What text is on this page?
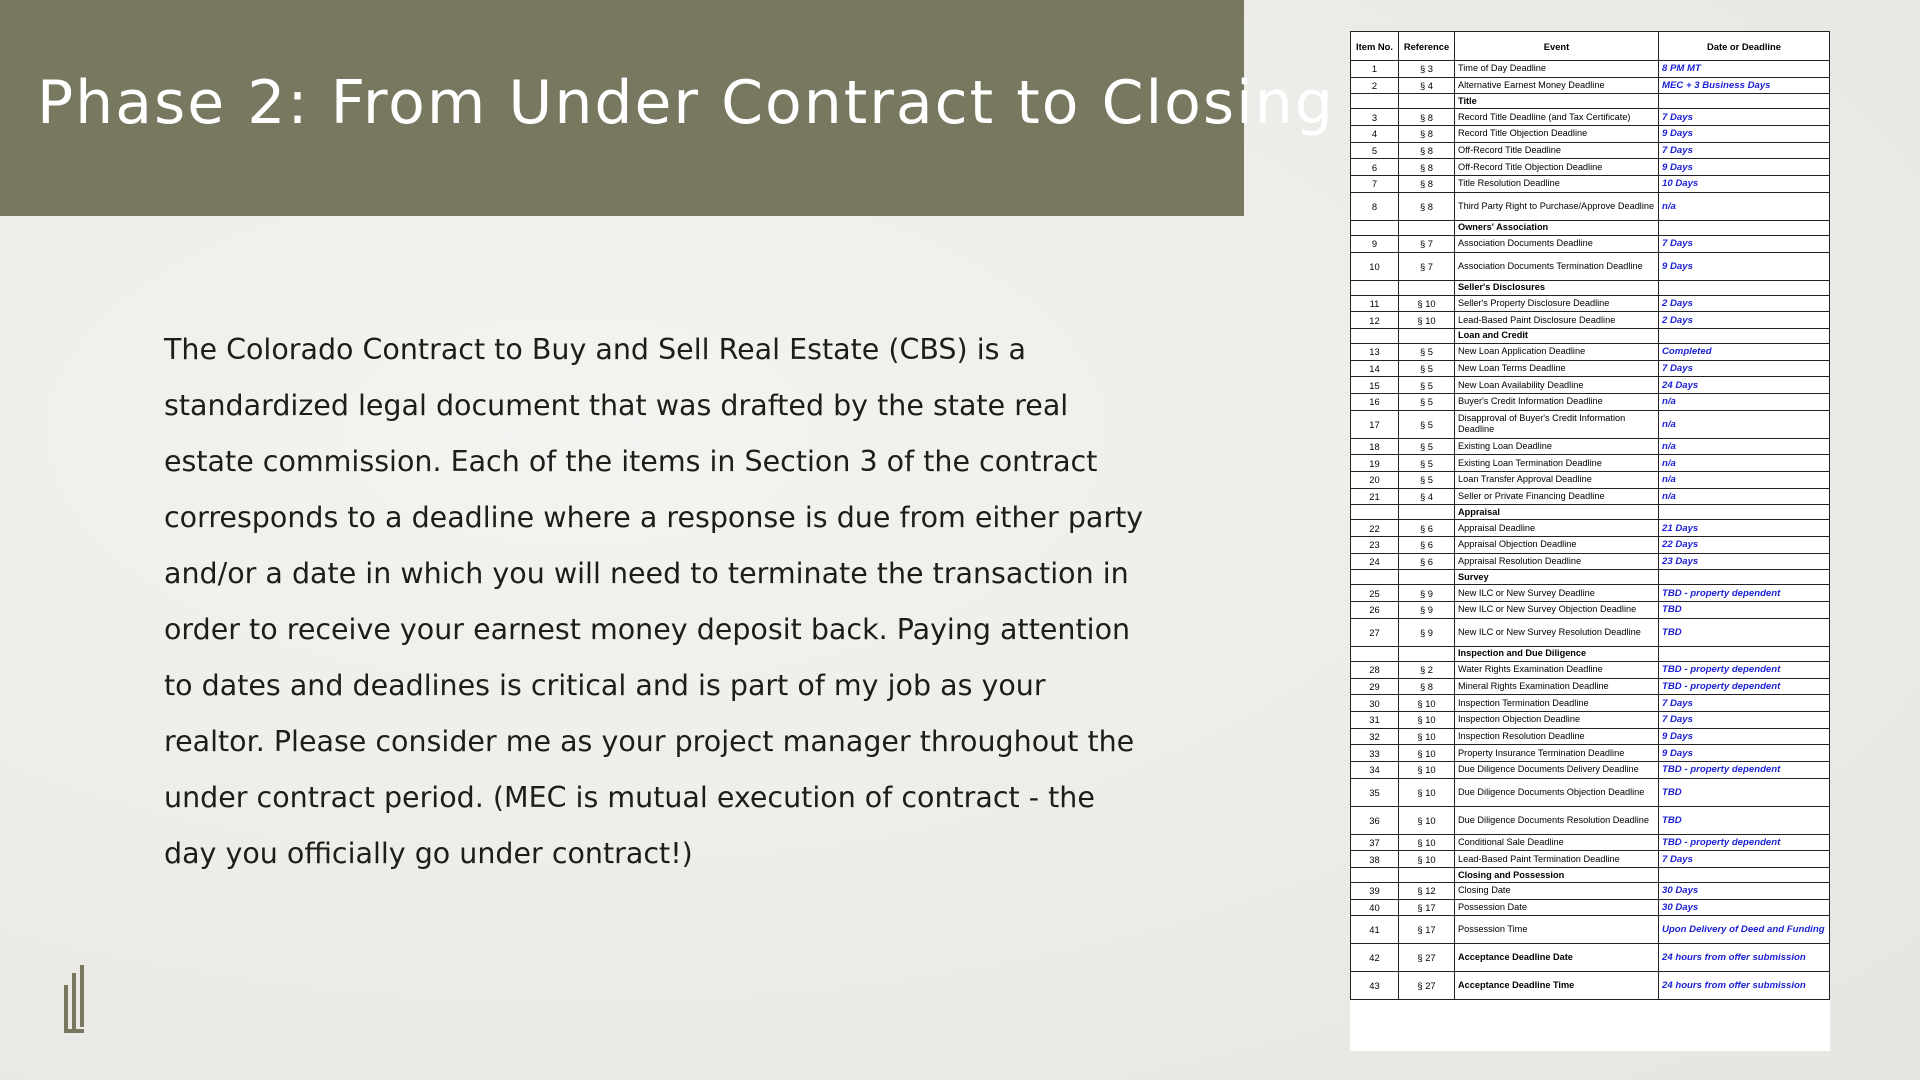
Phase 2: From Under Contract to Closing

The Colorado Contract to Buy and Sell Real Estate (CBS) is a standardized legal document that was drafted by the state real estate commission. Each of the items in Section 3 of the contract corresponds to a deadline where a response is due from either party and/or a date in which you will need to terminate the transaction in order to receive your earnest money deposit back. Paying attention to dates and deadlines is critical and is part of my job as your realtor. Please consider me as your project manager throughout the under contract period. (MEC is mutual execution of contract - the day you officially go under contract!)

Item No.	Reference	Event	Date or Deadline
1	§ 3	Time of Day Deadline	8 PM MT
2	§ 4	Alternative Earnest Money Deadline	MEC + 3 Business Days
		Title	
3	§ 8	Record Title Deadline (and Tax Certificate)	7 Days
4	§ 8	Record Title Objection Deadline	9 Days
5	§ 8	Off-Record Title Deadline	7 Days
6	§ 8	Off-Record Title Objection Deadline	9 Days
7	§ 8	Title Resolution Deadline	10 Days
8	§ 8	Third Party Right to Purchase/Approve Deadline	n/a
		Owners' Association	
9	§ 7	Association Documents Deadline	7 Days
10	§ 7	Association Documents Termination Deadline	9 Days
		Seller's Disclosures	
11	§ 10	Seller's Property Disclosure Deadline	2 Days
12	§ 10	Lead-Based Paint Disclosure Deadline	2 Days
		Loan and Credit	
13	§ 5	New Loan Application Deadline	Completed
14	§ 5	New Loan Terms Deadline	7 Days
15	§ 5	New Loan Availability Deadline	24 Days
16	§ 5	Buyer's Credit Information Deadline	n/a
17	§ 5	Disapproval of Buyer's Credit Information Deadline	n/a
18	§ 5	Existing Loan Deadline	n/a
19	§ 5	Existing Loan Termination Deadline	n/a
20	§ 5	Loan Transfer Approval Deadline	n/a
21	§ 4	Seller or Private Financing Deadline	n/a
		Appraisal	
22	§ 6	Appraisal Deadline	21 Days
23	§ 6	Appraisal Objection Deadline	22 Days
24	§ 6	Appraisal Resolution Deadline	23 Days
		Survey	
25	§ 9	New ILC or New Survey Deadline	TBD - property dependent
26	§ 9	New ILC or New Survey Objection Deadline	TBD
27	§ 9	New ILC or New Survey Resolution Deadline	TBD
		Inspection and Due Diligence	
28	§ 2	Water Rights Examination Deadline	TBD - property dependent
29	§ 8	Mineral Rights Examination Deadline	TBD - property dependent
30	§ 10	Inspection Termination Deadline	7 Days
31	§ 10	Inspection Objection Deadline	7 Days
32	§ 10	Inspection Resolution Deadline	9 Days
33	§ 10	Property Insurance Termination Deadline	9 Days
34	§ 10	Due Diligence Documents Delivery Deadline	TBD - property dependent
35	§ 10	Due Diligence Documents Objection Deadline	TBD
36	§ 10	Due Diligence Documents Resolution Deadline	TBD
37	§ 10	Conditional Sale Deadline	TBD - property dependent
38	§ 10	Lead-Based Paint Termination Deadline	7 Days
		Closing and Possession	
39	§ 12	Closing Date	30 Days
40	§ 17	Possession Date	30 Days
41	§ 17	Possession Time	Upon Delivery of Deed and Funding
42	§ 27	Acceptance Deadline Date	24 hours from offer submission
43	§ 27	Acceptance Deadline Time	24 hours from offer submission
